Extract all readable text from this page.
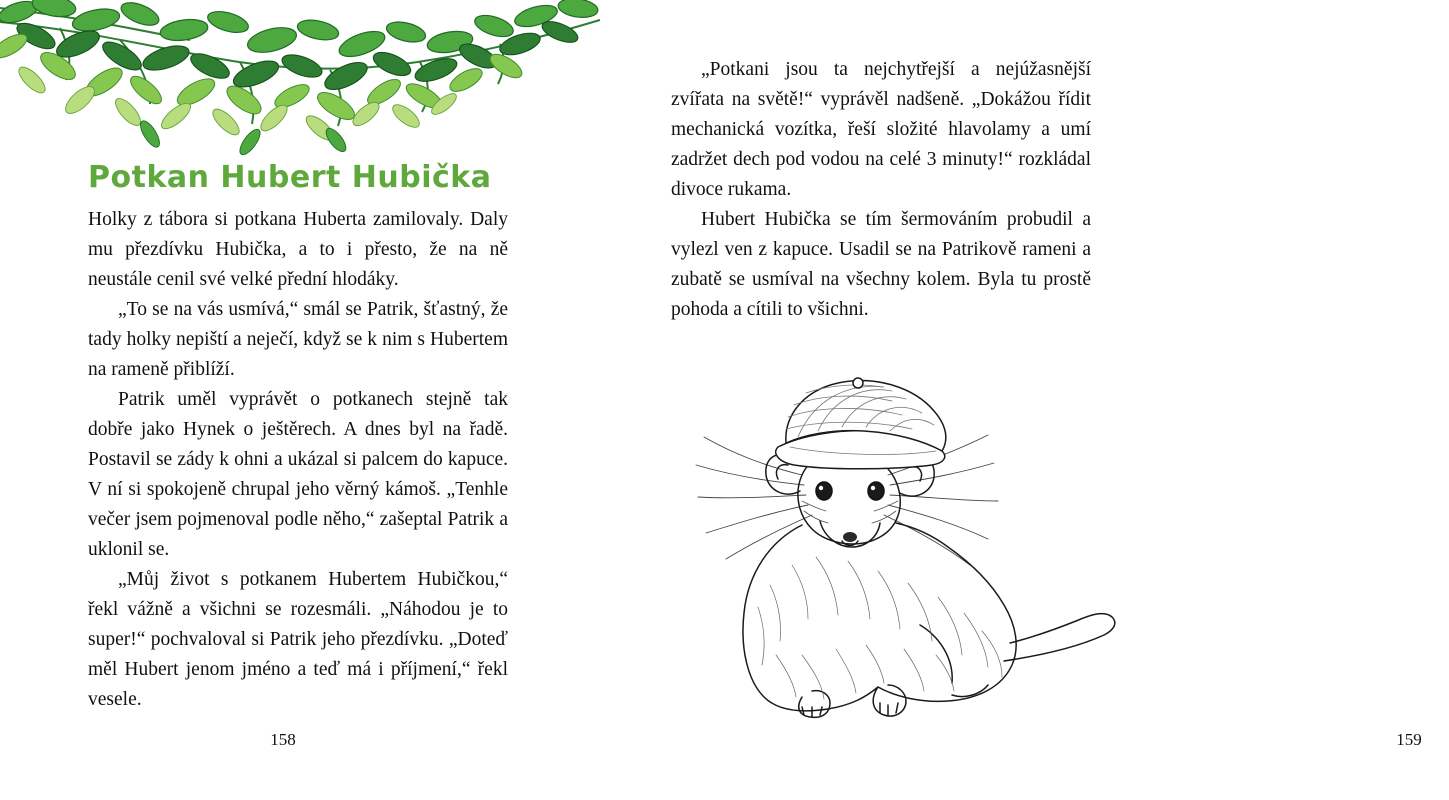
Potkan Hubert Hubička

Holky z tábora si potkana Huberta zamilovaly. Daly mu přezdívku Hubička, a to i přesto, že na ně neustále cenil své velké přední hlodáky.

„To se na vás usmívá,“ smál se Patrik, šťastný, že tady holky nepiští a neječí, když se k nim s Hubertem na rameně přiblíží.

Patrik uměl vyprávět o potkanech stejně tak dobře jako Hynek o ještěrech. A dnes byl na řadě. Postavil se zády k ohni a ukázal si palcem do kapuce. V ní si spokojeně chrupal jeho věrný kámoš. „Tenhle večer jsem pojmenoval podle něho,“ zašeptal Patrik a uklonil se.

„Můj život s potkanem Hubertem Hubičkou,“ řekl vážně a všichni se rozesmáli. „Náhodou je to super!“ pochvaloval si Patrik jeho přezdívku. „Doteď měl Hubert jenom jméno a teď má i příjmení,“ řekl vesele.

158

„Potkani jsou ta nejchytřejší a nejúžasnější zvířata na světě!“ vyprávěl nadšeně. „Dokážou řídit mechanická vozítka, řeší složité hlavolamy a umí zadržet dech pod vodou na celé 3 minuty!“ rozkládal divoce rukama.

Hubert Hubička se tím šermováním probudil a vylezl ven z kapuce. Usadil se na Patrikově rameni a zubatě se usmíval na všechny kolem. Byla tu prostě pohoda a cítili to všichni.

159
